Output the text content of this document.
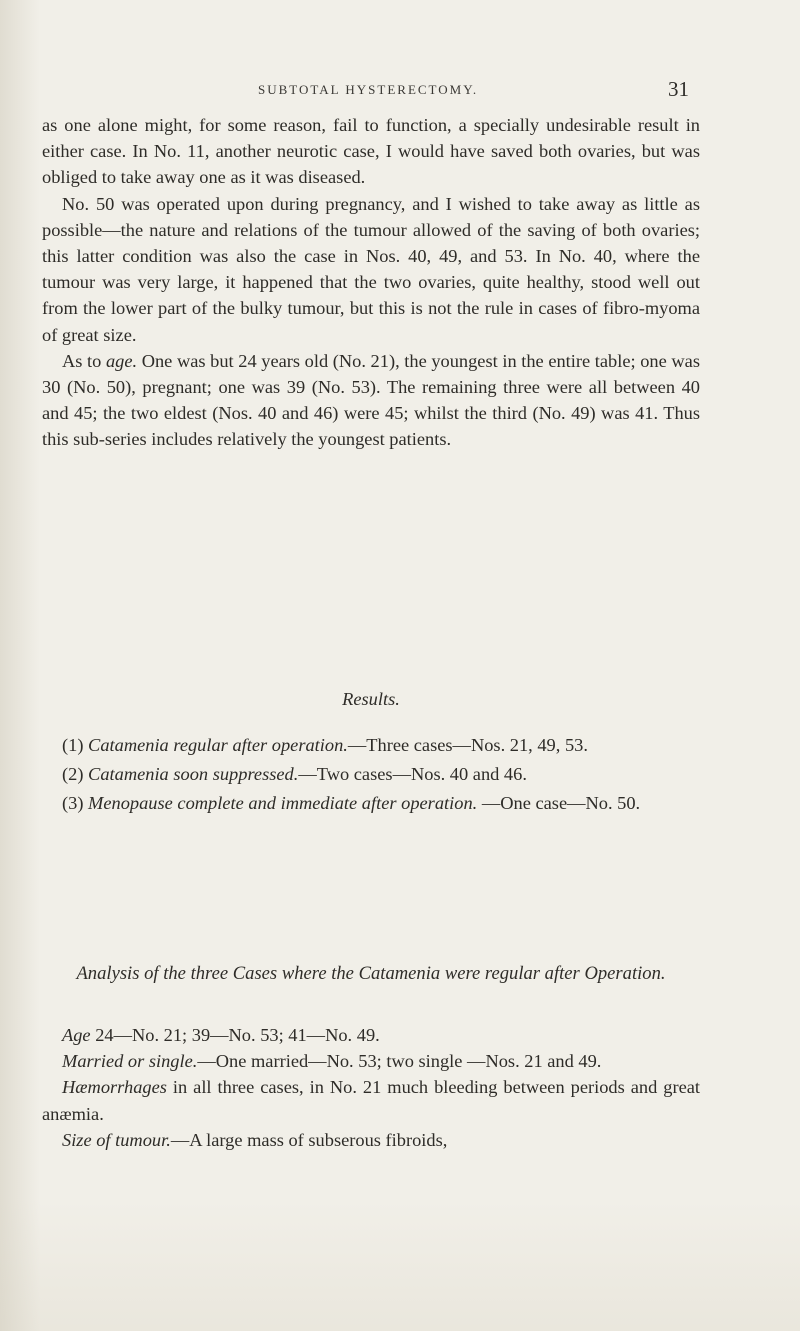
SUBTOTAL HYSTERECTOMY.	31

as one alone might, for some reason, fail to function, a specially undesirable result in either case. In No. 11, another neurotic case, I would have saved both ovaries, but was obliged to take away one as it was diseased.

No. 50 was operated upon during pregnancy, and I wished to take away as little as possible—the nature and relations of the tumour allowed of the saving of both ovaries; this latter condition was also the case in Nos. 40, 49, and 53. In No. 40, where the tumour was very large, it happened that the two ovaries, quite healthy, stood well out from the lower part of the bulky tumour, but this is not the rule in cases of fibro-myoma of great size.

As to age. One was but 24 years old (No. 21), the youngest in the entire table; one was 30 (No. 50), pregnant; one was 39 (No. 53). The remaining three were all between 40 and 45; the two eldest (Nos. 40 and 46) were 45; whilst the third (No. 49) was 41. Thus this sub-series includes relatively the youngest patients.

Results.

(1) Catamenia regular after operation.—Three cases—Nos. 21, 49, 53.

(2) Catamenia soon suppressed.—Two cases—Nos. 40 and 46.

(3) Menopause complete and immediate after operation. —One case—No. 50.

Analysis of the three Cases where the Catamenia were regular after Operation.

Age 24—No. 21; 39—No. 53; 41—No. 49.

Married or single.—One married—No. 53; two single —Nos. 21 and 49.

Hæmorrhages in all three cases, in No. 21 much bleeding between periods and great anæmia.

Size of tumour.—A large mass of subserous fibroids,
